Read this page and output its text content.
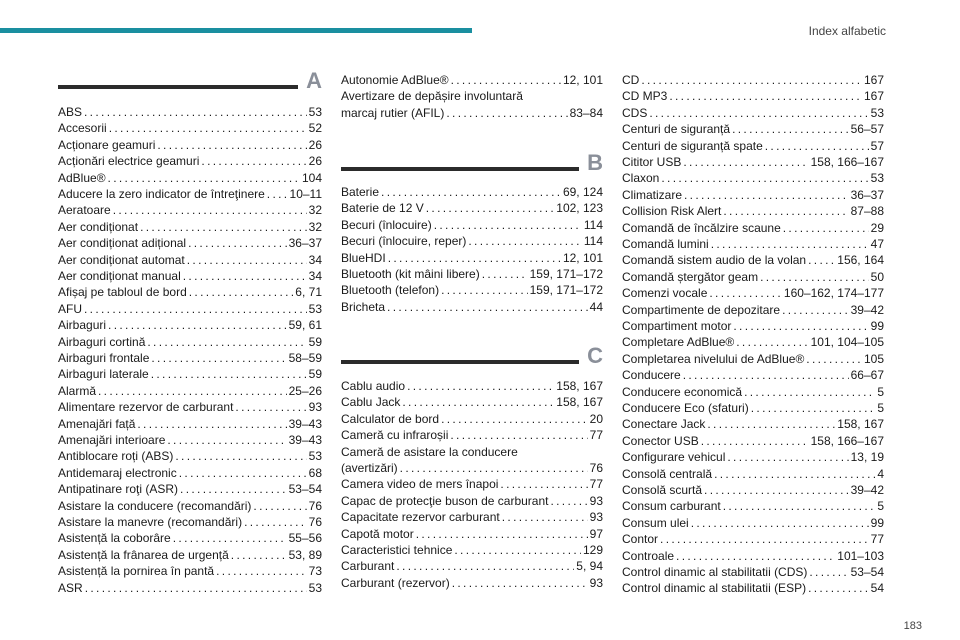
Index alfabetic
A
ABS . . .	53
Accesorii . . .	52
Acționare geamuri . . .	26
Acționări electrice geamuri . . .	26
AdBlue® . . .	104
Aducere la zero indicator de întreţinere . . . 10–11
Aeratoare . . .	32
Aer condiționat . . .	32
Aer condiționat adițional . . .	36–37
Aer condiționat automat . . .	34
Aer condiționat manual . . .	34
Afișaj pe tabloul de bord . . .	6, 71
AFU . . .	53
Airbaguri . . .	59, 61
Airbaguri cortină . . .	59
Airbaguri frontale . . .	58–59
Airbaguri laterale . . .	59
Alarmă . . .	25–26
Alimentare rezervor de carburant . . .	93
Amenajări față . . .	39–43
Amenajări interioare . . .	39–43
Antiblocare roți (ABS) . . .	53
Antidemaraj electronic . . .	68
Antipatinare roţi (ASR) . . .	53–54
Asistare la conducere (recomandări) . . .	76
Asistare la manevre (recomandări) . . .	76
Asistență la coborâre . . .	55–56
Asistență la frânarea de urgență . . .	53, 89
Asistență la pornirea în pantă . . .	73
ASR . . .	53
Autonomie AdBlue® . . .	12, 101
Avertizare de depășire involuntară
marcaj rutier (AFIL) . . .	83–84
B
Baterie . . .	69, 124
Baterie de 12 V . . .	102, 123
Becuri (înlocuire) . . .	114
Becuri (înlocuire, reper) . . .	114
BlueHDI . . .	12, 101
Bluetooth (kit mâini libere) . . .	159, 171–172
Bluetooth (telefon) . . .	159, 171–172
Bricheta . . .	44
C
Cablu audio . . .	158, 167
Cablu Jack . . .	158, 167
Calculator de bord . . .	20
Cameră cu infraroșii . . .	77
Cameră de asistare la conducere
(avertizări) . . .	76
Camera video de mers înapoi . . .	77
Capac de protecţie buson de carburant . . .	93
Capacitate rezervor carburant . . .	93
Capotă motor . . .	97
Caracteristici tehnice . . .	129
Carburant . . .	5, 94
Carburant (rezervor) . . .	93
CD . . .	167
CD MP3 . . .	167
CDS . . .	53
Centuri de siguranță . . .	56–57
Centuri de siguranță spate . . .	57
Cititor USB . . .	158, 166–167
Claxon . . .	53
Climatizare . . .	36–37
Collision Risk Alert . . .	87–88
Comandă de încălzire scaune . . .	29
Comandă lumini . . .	47
Comandă sistem audio de la volan . . .	156, 164
Comandă ștergător geam . . .	50
Comenzi vocale . . .	160–162, 174–177
Compartimente de depozitare . . .	39–42
Compartiment motor . . .	99
Completare AdBlue® . . .	101, 104–105
Completarea nivelului de AdBlue® . . .	105
Conducere . . .	66–67
Conducere economică . . .	5
Conducere Eco (sfaturi) . . .	5
Conectare Jack . . .	158, 167
Conector USB . . .	158, 166–167
Configurare vehicul . . .	13, 19
Consolă centrală . . .	4
Consolă scurtă . . .	39–42
Consum carburant . . .	5
Consum ulei . . .	99
Contor . . .	77
Controale . . .	101–103
Control dinamic al stabilitatii (CDS) . . .	53–54
Control dinamic al stabilitatii (ESP) . . .	54
183
